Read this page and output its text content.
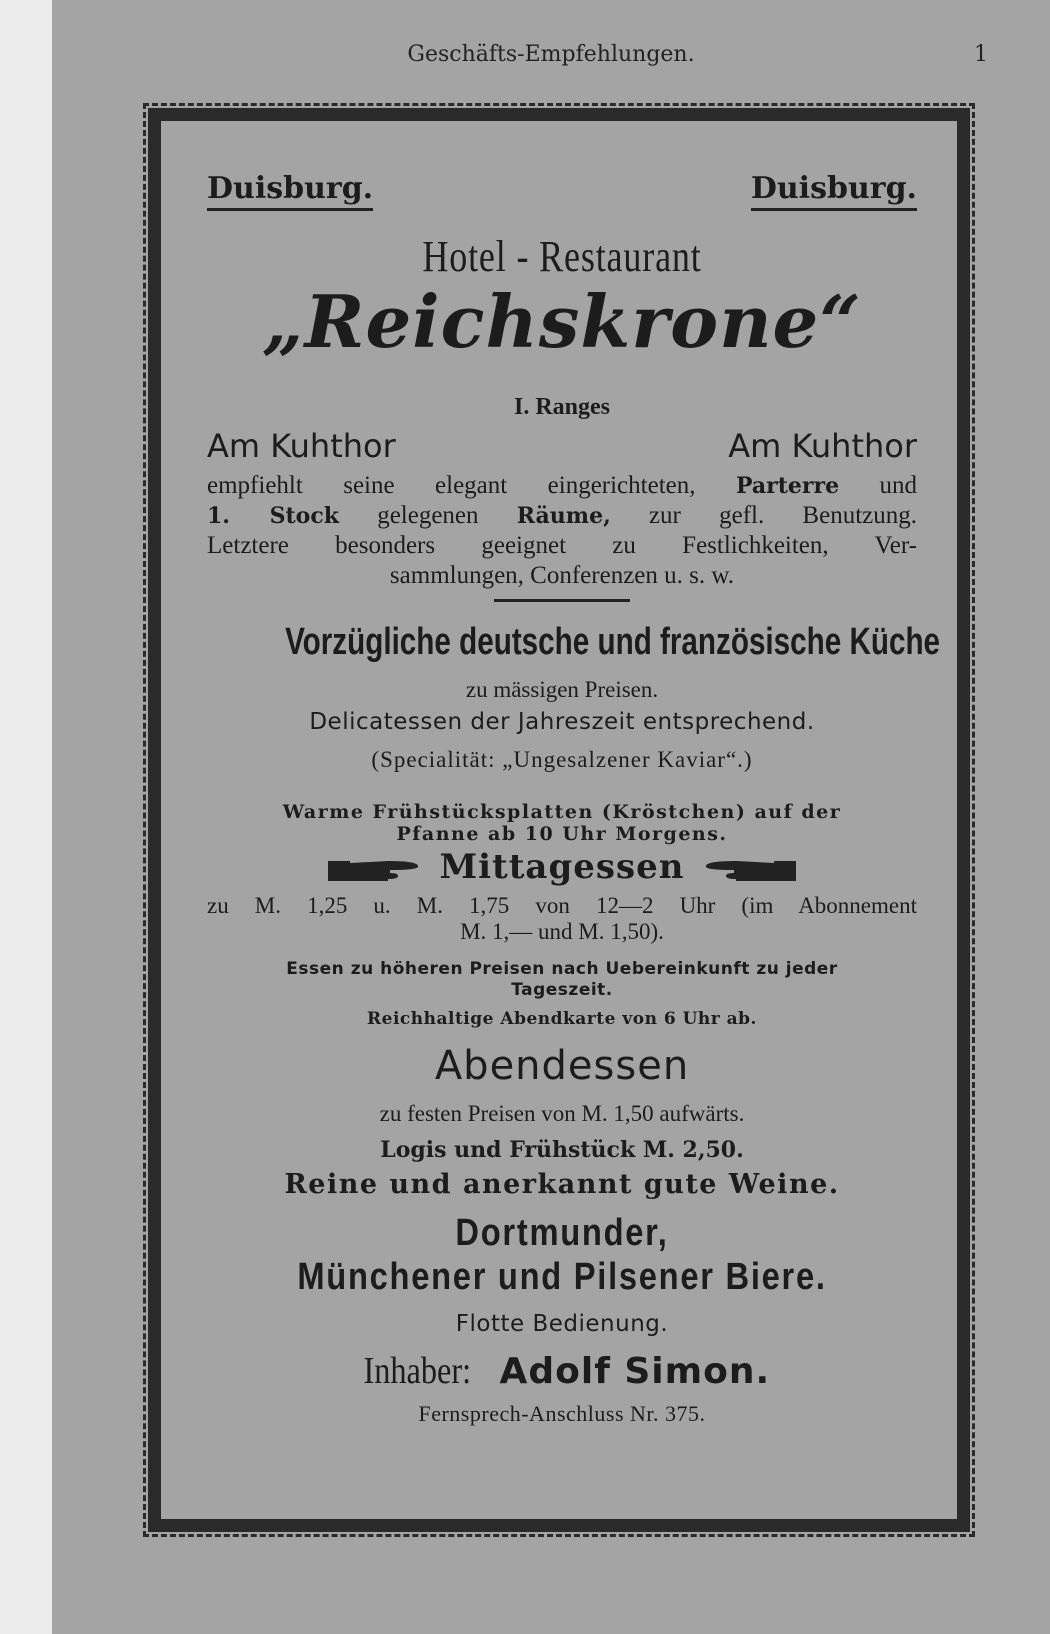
Geschäfts-Empfehlungen.	1
Duisburg.	Duisburg.
Hotel - Restaurant
„Reichskrone“
I. Ranges
Am Kuhthor	Am Kuhthor

empfiehlt seine elegant eingerichteten, Parterre und

1. Stock gelegenen Räume, zur gefl. Benutzung.

Letztere besonders geeignet zu Festlichkeiten, Ver-

sammlungen, Conferenzen u. s. w.

Vorzügliche deutsche und französische Küche
zu mässigen Preisen.
Delicatessen der Jahreszeit entsprechend.
(Specialität: „Ungesalzener Kaviar“.)
Warme Frühstücksplatten (Kröstchen) auf der
Pfanne ab 10 Uhr Morgens.
Mittagessen

zu M. 1,25 u. M. 1,75 von 12—2 Uhr (im Abonnement

M. 1,— und M. 1,50).

Essen zu höheren Preisen nach Uebereinkunft zu jeder
Tageszeit.
Reichhaltige Abendkarte von 6 Uhr ab.
Abendessen
zu festen Preisen von M. 1,50 aufwärts.
Logis und Frühstück M. 2,50.
Reine und anerkannt gute Weine.
Dortmunder,
Münchener und Pilsener Biere.
Flotte Bedienung.
Inhaber: Adolf Simon.
Fernsprech-Anschluss Nr. 375.
